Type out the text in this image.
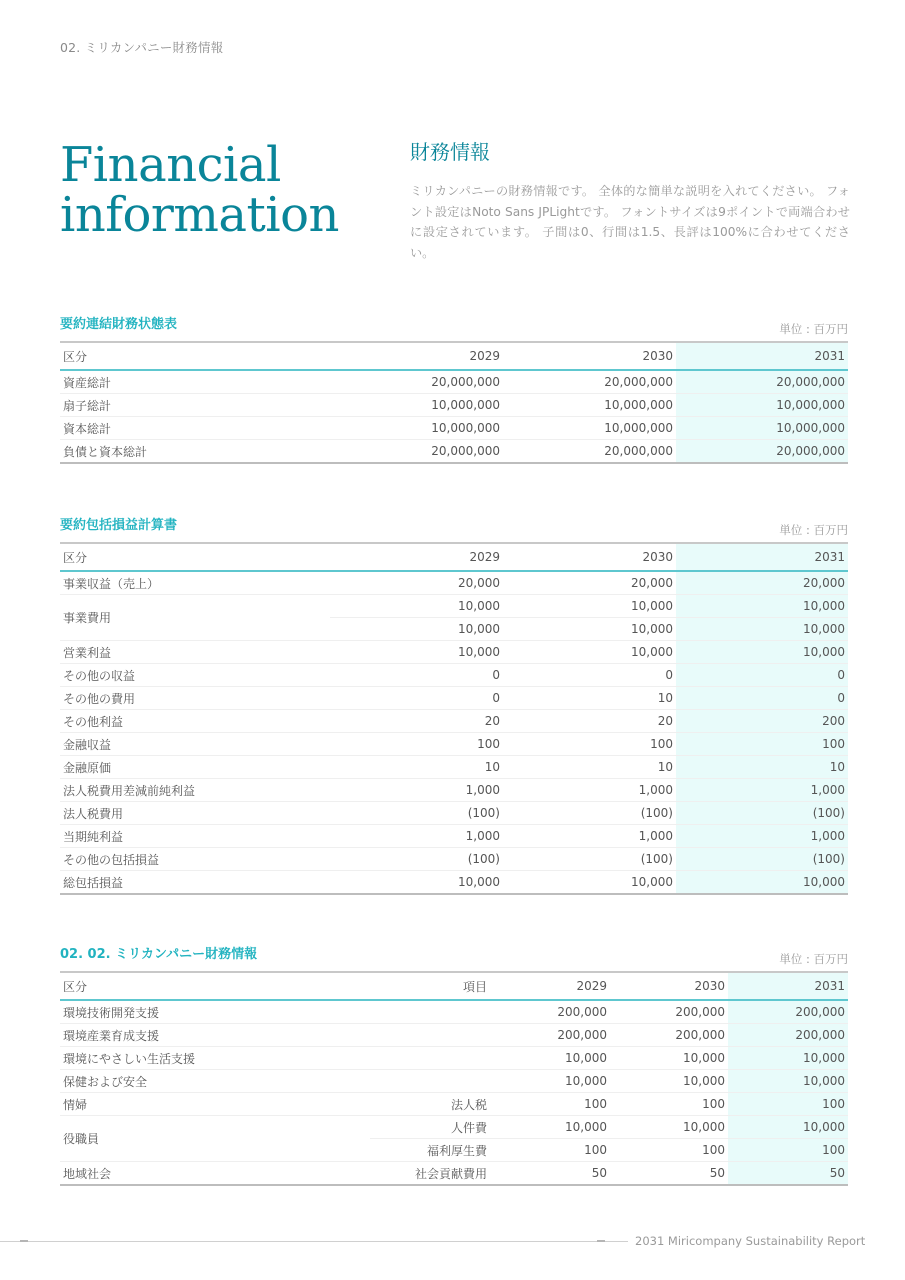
02. ミリカンパニー財務情報
Financial
information
財務情報

ミリカンパニーの財務情報です。 全体的な簡単な説明を入れてください。 フォント設定はNoto Sans JPLightです。 フォントサイズは9ポイントで両端合わせに設定されています。 子間は0、行間は1.5、長評は100%に合わせてください。

要約連結財務状態表	単位 : 百万円
区分	2029	2030	2031
資産総計	20,000,000	20,000,000	20,000,000
扇子総計	10,000,000	10,000,000	10,000,000
資本総計	10,000,000	10,000,000	10,000,000
負債と資本総計	20,000,000	20,000,000	20,000,000
要約包括損益計算書	単位 : 百万円
区分	2029	2030	2031
事業収益（売上）	20,000	20,000	20,000
事業費用	10,000	10,000	10,000
	10,000	10,000	10,000
営業利益	10,000	10,000	10,000
その他の収益	0	0	0
その他の費用	0	10	0
その他利益	20	20	200
金融収益	100	100	100
金融原価	10	10	10
法人税費用差減前純利益	1,000	1,000	1,000
法人税費用	(100)	(100)	(100)
当期純利益	1,000	1,000	1,000
その他の包括損益	(100)	(100)	(100)
総包括損益	10,000	10,000	10,000
02. 02. ミリカンパニー財務情報	単位 : 百万円
区分	項目	2029	2030	2031
環境技術開発支援		200,000	200,000	200,000
環境産業育成支援		200,000	200,000	200,000
環境にやさしい生活支援		10,000	10,000	10,000
保健および安全		10,000	10,000	10,000
情婦	法人税	100	100	100
役職員	人件費	10,000	10,000	10,000
	福利厚生費	100	100	100
地域社会	社会貢献費用	50	50	50
2031 Miricompany Sustainability Report
